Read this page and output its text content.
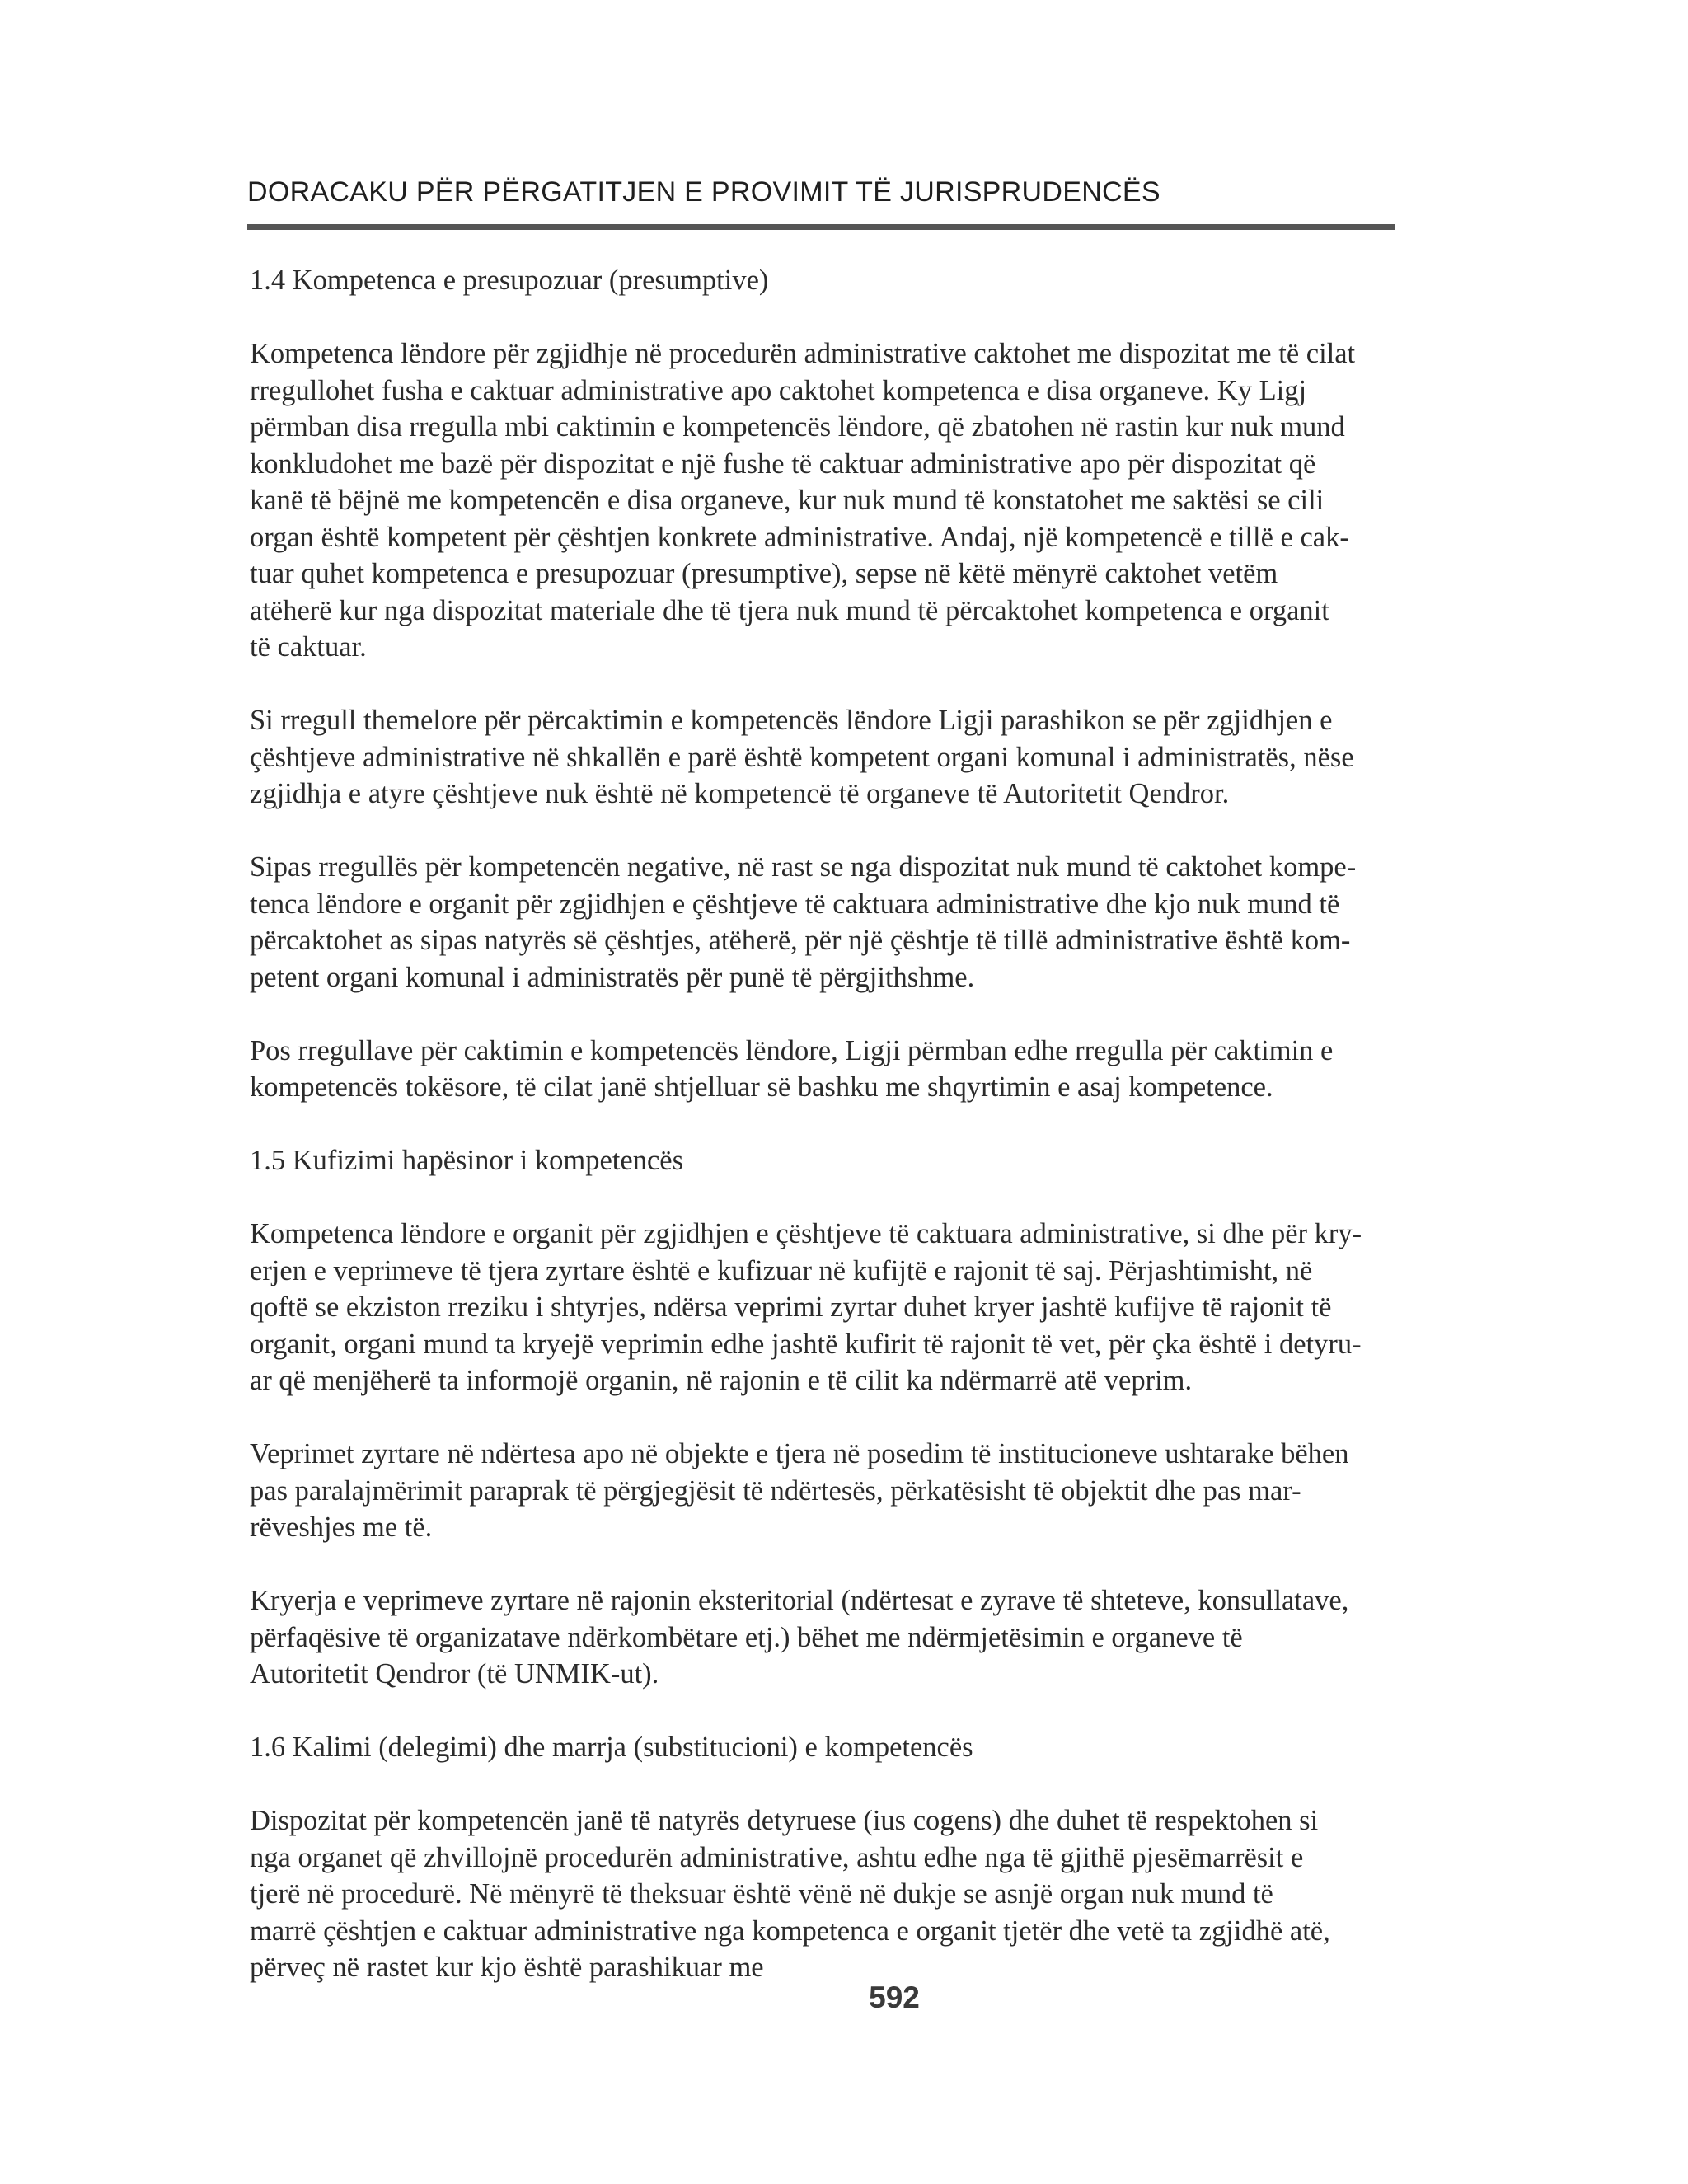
DORACAKU PËR PËRGATITJEN E PROVIMIT TË JURISPRUDENCËS

1.4 Kompetenca e presupozuar (presumptive)

Kompetenca lëndore për zgjidhje në procedurën administrative caktohet me dispozitat me të cilat
rregullohet fusha e caktuar administrative apo caktohet kompetenca e disa organeve. Ky Ligj
përmban disa rregulla mbi caktimin e kompetencës lëndore, që zbatohen në rastin kur nuk mund
konkludohet me bazë për dispozitat e një fushe të caktuar administrative apo për dispozitat që
kanë të bëjnë me kompetencën e disa organeve, kur nuk mund të konstatohet me saktësi se cili
organ është kompetent për çështjen konkrete administrative. Andaj, një kompetencë e tillë e cak-
tuar quhet kompetenca e presupozuar (presumptive), sepse në këtë mënyrë caktohet vetëm
atëherë kur nga dispozitat materiale dhe të tjera nuk mund të përcaktohet kompetenca e organit
të caktuar.

Si rregull themelore për përcaktimin e kompetencës lëndore Ligji parashikon se për zgjidhjen e
çështjeve administrative në shkallën e parë është kompetent organi komunal i administratës, nëse
zgjidhja e atyre çështjeve nuk është në kompetencë të organeve të Autoritetit Qendror.

Sipas rregullës për kompetencën negative, në rast se nga dispozitat nuk mund të caktohet kompe-
tenca lëndore e organit për zgjidhjen e çështjeve të caktuara administrative dhe kjo nuk mund të
përcaktohet as sipas natyrës së çështjes, atëherë, për një çështje të tillë administrative është kom-
petent organi komunal i administratës për punë të përgjithshme.

Pos rregullave për caktimin e kompetencës lëndore, Ligji përmban edhe rregulla për caktimin e
kompetencës tokësore, të cilat janë shtjelluar së bashku me shqyrtimin e asaj kompetence.

1.5 Kufizimi hapësinor i kompetencës

Kompetenca lëndore e organit për zgjidhjen e çështjeve të caktuara administrative, si dhe për kry-
erjen e veprimeve të tjera zyrtare është e kufizuar në kufijtë e rajonit të saj. Përjashtimisht, në
qoftë se ekziston rreziku i shtyrjes, ndërsa veprimi zyrtar duhet kryer jashtë kufijve të rajonit të
organit, organi mund ta kryejë veprimin edhe jashtë kufirit të rajonit të vet, për çka është i detyru-
ar që menjëherë ta informojë organin, në rajonin e të cilit ka ndërmarrë atë veprim.

Veprimet zyrtare në ndërtesa apo në objekte e tjera në posedim të institucioneve ushtarake bëhen
pas paralajmërimit paraprak të përgjegjësit të ndërtesës, përkatësisht të objektit dhe pas mar-
rëveshjes me të.

Kryerja e veprimeve zyrtare në rajonin eksteritorial (ndërtesat e zyrave të shteteve, konsullatave,
përfaqësive të organizatave ndërkombëtare etj.) bëhet me ndërmjetësimin e organeve të
Autoritetit Qendror (të UNMIK-ut).

1.6 Kalimi (delegimi) dhe marrja (substitucioni) e kompetencës

Dispozitat për kompetencën janë të natyrës detyruese (ius cogens) dhe duhet të respektohen si
nga organet që zhvillojnë procedurën administrative, ashtu edhe nga të gjithë pjesëmarrësit e
tjerë në procedurë. Në mënyrë të theksuar është vënë në dukje se asnjë organ nuk mund të
marrë çështjen e caktuar administrative nga kompetenca e organit tjetër dhe vetë ta zgjidhë atë,
përveç në rastet kur kjo është parashikuar me

592
